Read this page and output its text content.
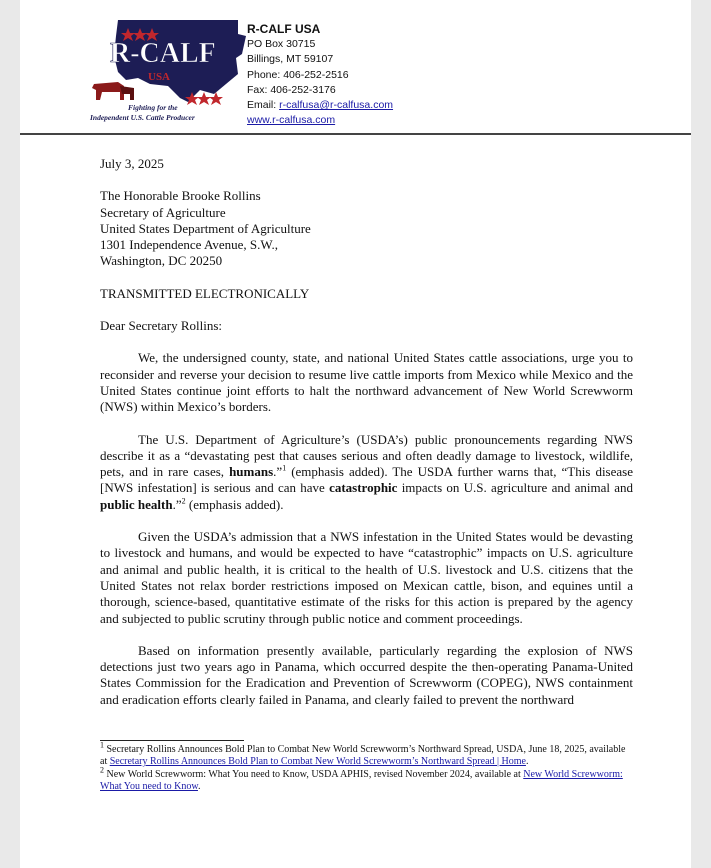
R-CALF
USA
Fighting for the
Independent U.S. Cattle Producer
R-CALF USA
PO Box 30715
Billings, MT 59107
Phone: 406-252-2516
Fax: 406-252-3176
Email: r-calfusa@r-calfusa.com
www.r-calfusa.com

July 3, 2025

The Honorable Brooke Rollins

Secretary of Agriculture

United States Department of Agriculture

1301 Independence Avenue, S.W.,

Washington, DC 20250

TRANSMITTED ELECTRONICALLY

Dear Secretary Rollins:

We, the undersigned county, state, and national United States cattle associations, urge you to reconsider and reverse your decision to resume live cattle imports from Mexico while Mexico and the United States continue joint efforts to halt the northward advancement of New World Screwworm (NWS) within Mexico’s borders.

The U.S. Department of Agriculture’s (USDA’s) public pronouncements regarding NWS describe it as a “devastating pest that causes serious and often deadly damage to livestock, wildlife, pets, and in rare cases, humans.”$^1$ (emphasis added). The USDA further warns that, “This disease [NWS infestation] is serious and can have catastrophic impacts on U.S. agriculture and animal and public health.”$^2$ (emphasis added).

Given the USDA’s admission that a NWS infestation in the United States would be devasting to livestock and humans, and would be expected to have “catastrophic” impacts on U.S. agriculture and animal and public health, it is critical to the health of U.S. livestock and U.S. citizens that the United States not relax border restrictions imposed on Mexican cattle, bison, and equines until a thorough, science-based, quantitative estimate of the risks for this action is prepared by the agency and subjected to public scrutiny through public notice and comment proceedings.

Based on information presently available, particularly regarding the explosion of NWS detections just two years ago in Panama, which occurred despite the then-operating Panama-United States Commission for the Eradication and Prevention of Screwworm (COPEG), NWS containment and eradication efforts clearly failed in Panama, and clearly failed to prevent the northward

$^1$ Secretary Rollins Announces Bold Plan to Combat New World Screwworm’s Northward Spread, USDA, June 18, 2025, available at Secretary Rollins Announces Bold Plan to Combat New World Screwworm’s Northward Spread | Home.

$^2$ New World Screwworm: What You need to Know, USDA APHIS, revised November 2024, available at New World Screwworm: What You need to Know.
